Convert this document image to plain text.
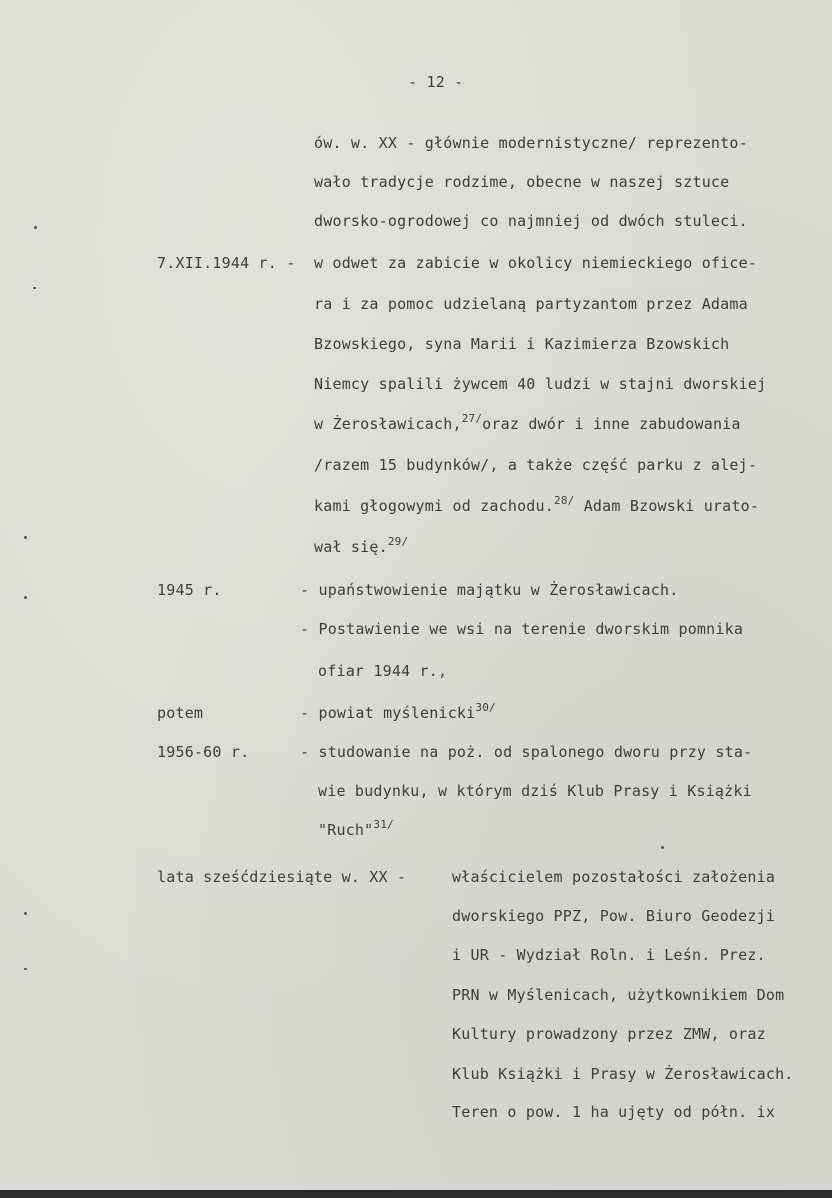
- 12 -
ów. w. XX - głównie modernistyczne/ reprezento-
wało tradycje rodzime, obecne w naszej sztuce
dworsko-ogrodowej co najmniej od dwóch stuleci.
7.XII.1944 r. - w odwet za zabicie w okolicy niemieckiego ofice-
ra i za pomoc udzielaną partyzantom przez Adama
Bzowskiego, syna Marii i Kazimierza Bzowskich
Niemcy spalili żywcem 40 ludzi w stajni dworskiej
w Żerosławicach,$^{27/}$oraz dwór i inne zabudowania
/razem 15 budynków/, a także część parku z alej-
kami głogowymi od zachodu.$^{28/}$ Adam Bzowski urato-
wał się.$^{29/}$
1945 r.	- upaństwowienie majątku w Żerosławicach.
- Postawienie we wsi na terenie dworskim pomnika
ofiar 1944 r.,
potem	- powiat myślenicki$^{30/}$
1956-60 r.	- studowanie na poż. od spalonego dworu przy sta-
wie budynku, w którym dziś Klub Prasy i Książki
"Ruch"$^{31/}$
lata sześćdziesiąte w. XX -	właścicielem pozostałości założenia
dworskiego PPZ, Pow. Biuro Geodezji
i UR - Wydział Roln. i Leśn. Prez.
PRN w Myślenicach, użytkownikiem Dom
Kultury prowadzony przez ZMW, oraz
Klub Książki i Prasy w Żerosławicach.
Teren o pow. 1 ha ujęty od półn. ix
